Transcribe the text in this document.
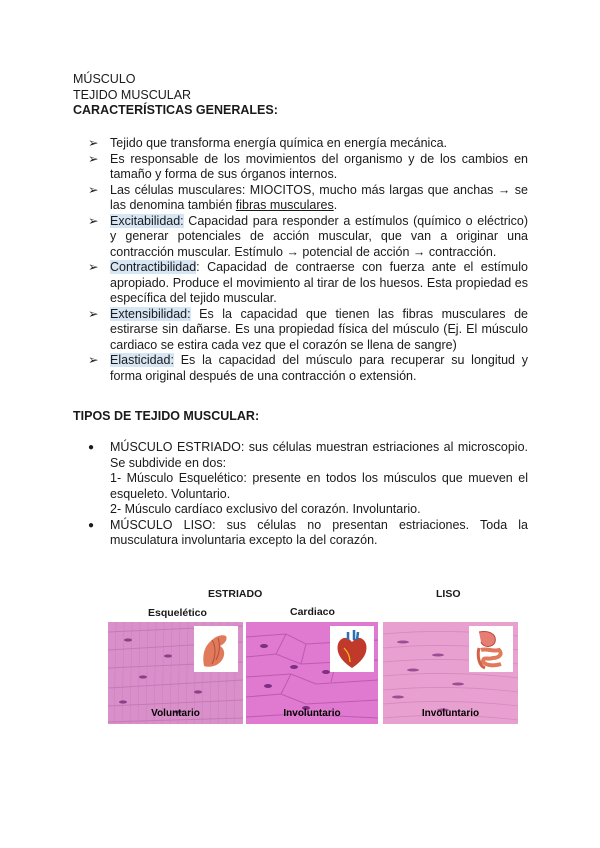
MÚSCULO
TEJIDO MUSCULAR
CARACTERÍSTICAS GENERALES:
➢ Tejido que transforma energía química en energía mecánica.
➢ Es responsable de los movimientos del organismo y de los cambios en tamaño y forma de sus órganos internos.
➢ Las células musculares: MIOCITOS, mucho más largas que anchas → se las denomina también fibras musculares.
➢ Excitabilidad: Capacidad para responder a estímulos (químico o eléctrico) y generar potenciales de acción muscular, que van a originar una contracción muscular. Estímulo → potencial de acción → contracción.
➢ Contractibilidad: Capacidad de contraerse con fuerza ante el estímulo apropiado. Produce el movimiento al tirar de los huesos. Esta propiedad es específica del tejido muscular.
➢ Extensibilidad: Es la capacidad que tienen las fibras musculares de estirarse sin dañarse. Es una propiedad física del músculo (Ej. El músculo cardiaco se estira cada vez que el corazón se llena de sangre)
➢ Elasticidad: Es la capacidad del músculo para recuperar su longitud y forma original después de una contracción o extensión.
TIPOS DE TEJIDO MUSCULAR:
●	MÚSCULO ESTRIADO: sus células muestran estriaciones al microscopio. Se subdivide en dos:
1- Músculo Esquelético: presente en todos los músculos que mueven el esqueleto. Voluntario.
2- Músculo cardíaco exclusivo del corazón. Involuntario.
●	MÚSCULO LISO: sus células no presentan estriaciones. Toda la musculatura involuntaria excepto la del corazón.
ESTRIADO	LISO
Esquelético	Cardiaco
Voluntario	Involuntario	Involuntario
